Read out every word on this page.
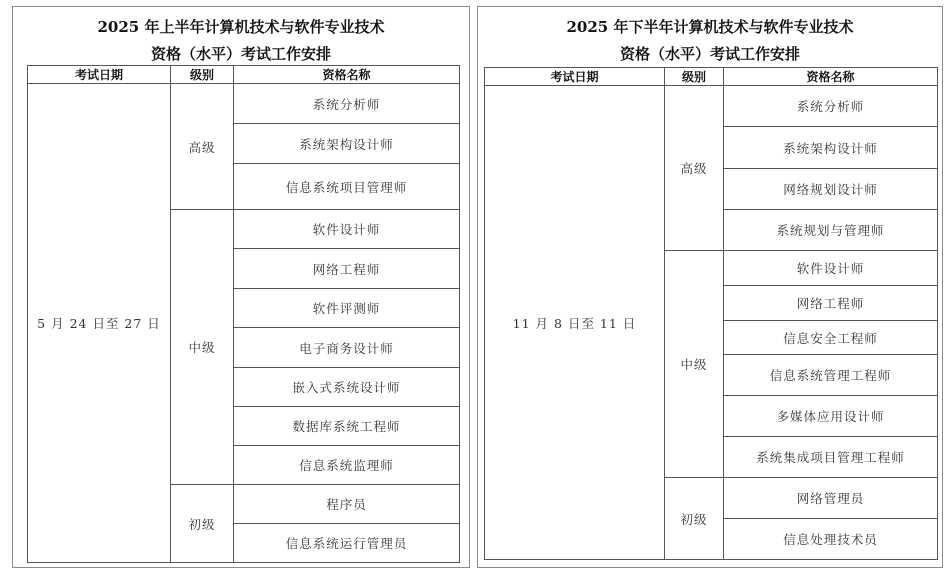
2025 年上半年计算机技术与软件专业技术
资格（水平）考试工作安排
考试日期	级别	资格名称
5 月 24 日至 27 日	高级	系统分析师
		系统架构设计师
		信息系统项目管理师
	中级	软件设计师
		网络工程师
		软件评测师
		电子商务设计师
		嵌入式系统设计师
		数据库系统工程师
		信息系统监理师
	初级	程序员
		信息系统运行管理员
2025 年下半年计算机技术与软件专业技术
资格（水平）考试工作安排
考试日期	级别	资格名称
11 月 8 日至 11 日	高级	系统分析师
		系统架构设计师
		网络规划设计师
		系统规划与管理师
	中级	软件设计师
		网络工程师
		信息安全工程师
		信息系统管理工程师
		多媒体应用设计师
		系统集成项目管理工程师
	初级	网络管理员
		信息处理技术员
